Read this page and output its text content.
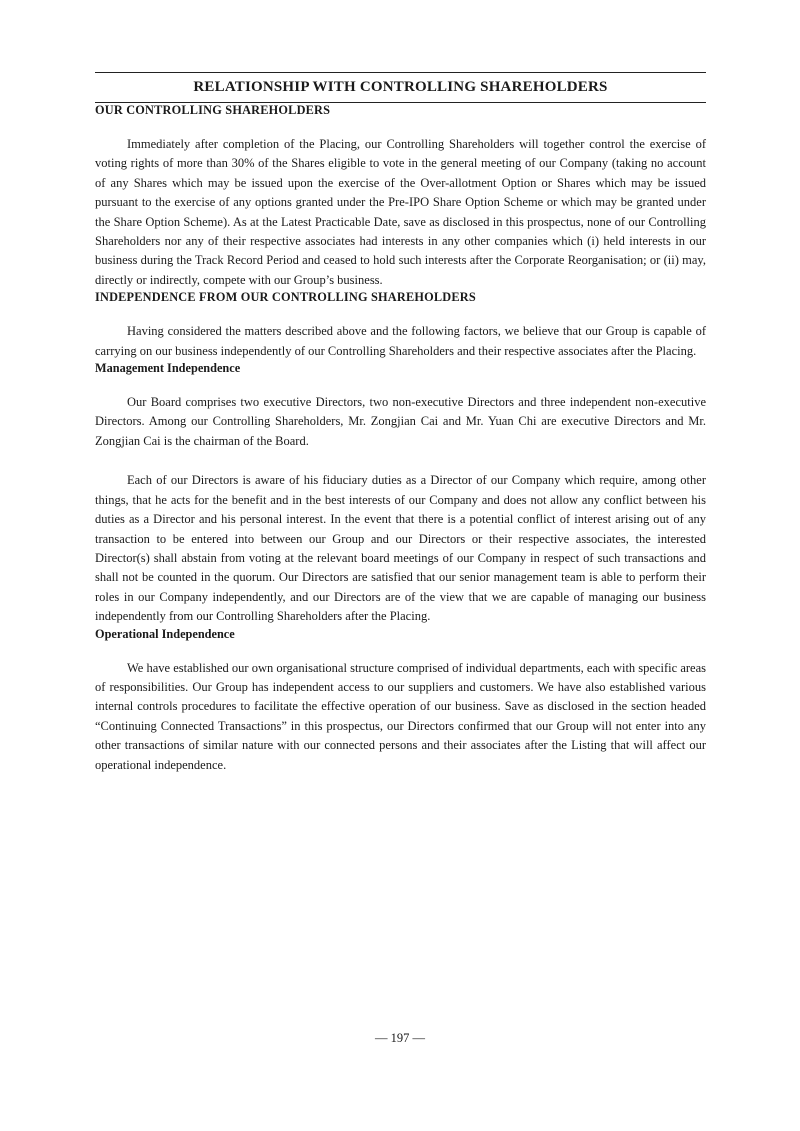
RELATIONSHIP WITH CONTROLLING SHAREHOLDERS
OUR CONTROLLING SHAREHOLDERS

Immediately after completion of the Placing, our Controlling Shareholders will together control the exercise of voting rights of more than 30% of the Shares eligible to vote in the general meeting of our Company (taking no account of any Shares which may be issued upon the exercise of the Over-allotment Option or Shares which may be issued pursuant to the exercise of any options granted under the Pre-IPO Share Option Scheme or which may be granted under the Share Option Scheme). As at the Latest Practicable Date, save as disclosed in this prospectus, none of our Controlling Shareholders nor any of their respective associates had interests in any other companies which (i) held interests in our business during the Track Record Period and ceased to hold such interests after the Corporate Reorganisation; or (ii) may, directly or indirectly, compete with our Group’s business.

INDEPENDENCE FROM OUR CONTROLLING SHAREHOLDERS

Having considered the matters described above and the following factors, we believe that our Group is capable of carrying on our business independently of our Controlling Shareholders and their respective associates after the Placing.

Management Independence

Our Board comprises two executive Directors, two non-executive Directors and three independent non-executive Directors. Among our Controlling Shareholders, Mr. Zongjian Cai and Mr. Yuan Chi are executive Directors and Mr. Zongjian Cai is the chairman of the Board.

Each of our Directors is aware of his fiduciary duties as a Director of our Company which require, among other things, that he acts for the benefit and in the best interests of our Company and does not allow any conflict between his duties as a Director and his personal interest. In the event that there is a potential conflict of interest arising out of any transaction to be entered into between our Group and our Directors or their respective associates, the interested Director(s) shall abstain from voting at the relevant board meetings of our Company in respect of such transactions and shall not be counted in the quorum. Our Directors are satisfied that our senior management team is able to perform their roles in our Company independently, and our Directors are of the view that we are capable of managing our business independently from our Controlling Shareholders after the Placing.

Operational Independence

We have established our own organisational structure comprised of individual departments, each with specific areas of responsibilities. Our Group has independent access to our suppliers and customers. We have also established various internal controls procedures to facilitate the effective operation of our business. Save as disclosed in the section headed “Continuing Connected Transactions” in this prospectus, our Directors confirmed that our Group will not enter into any other transactions of similar nature with our connected persons and their associates after the Listing that will affect our operational independence.

— 197 —
